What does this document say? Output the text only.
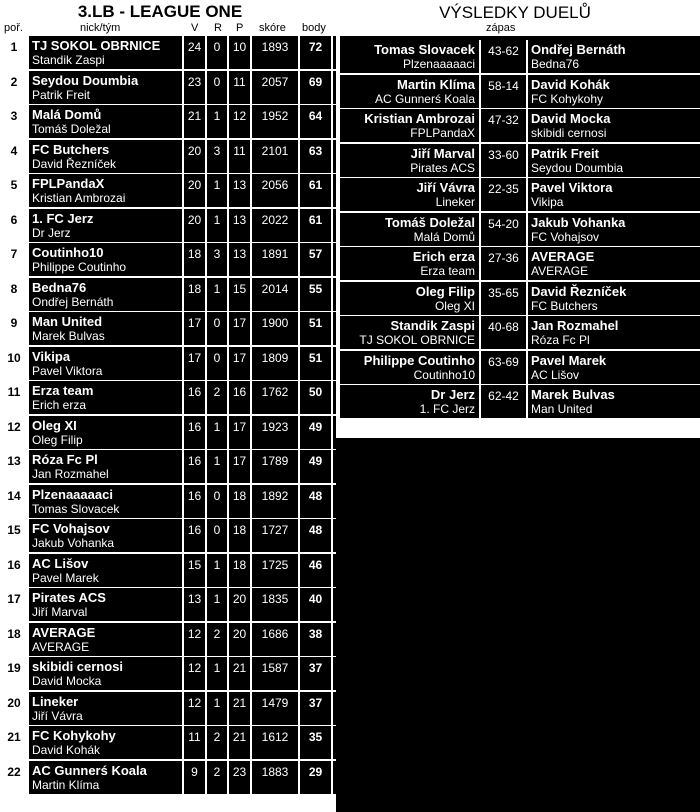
3.LB - LEAGUE ONE	VÝSLEDKY DUELŮ
poř.	nick/tým	V R P skóre body	zápas
1	TJ SOKOL OBRNICE
Standik Zaspi
24	0	10	1893	72
2	Seydou Doumbia
Patrik Freit
23	0	11	2057	69
3	Malá Domů
Tomáš Doležal
21	1	12	1952	64
4	FC Butchers
David Řezníček
20	3	11	2101	63
5	FPLPandaX
Kristian Ambrozai
20	1	13	2056	61
6	1. FC Jerz
Dr Jerz
20	1	13	2022	61
7	Coutinho10
Philippe Coutinho
18	3	13	1891	57
8	Bedna76
Ondřej Bernáth
18	1	15	2014	55
9	Man United
Marek Bulvas
17	0	17	1900	51
10 Vikipa
Pavel Viktora
17	0	17	1809	51
11 Erza team
Erich erza
16	2	16	1762	50
12 Oleg XI
Oleg Filip
16	1	17	1923	49
13 Róza Fc Pl
Jan Rozmahel
16	1	17	1789	49
14 Plzenaaaaaci
Tomas Slovacek
16	0	18	1892	48
15 FC Vohajsov
Jakub Vohanka
16	0	18	1727	48
16 AC Lišov
Pavel Marek
15	1	18	1725	46
17 Pirates ACS
Jiří Marval
13	1	20	1835	40
18 AVERAGE
AVERAGE
12	2	20	1686	38
19 skibidi cernosi
David Mocka
12	1	21	1587	37
20 Lineker
Jiří Vávra
12	1	21	1479	37
21 FC Kohykohy
David Kohák
11	2	21	1612	35
22 AC Gunnerś Koala
Martin Klíma
9	2	23	1883	29
Tomas Slovacek
Plzenaaaaaci
43-62 Ondřej Bernáth
Bedna76
Martin Klíma
AC Gunnerś Koala
58-14 David Kohák
FC Kohykohy
Kristian Ambrozai
FPLPandaX
47-32 David Mocka
skibidi cernosi
Jiří Marval
Pirates ACS
33-60 Patrik Freit
Seydou Doumbia
Jiří Vávra
Lineker
22-35 Pavel Viktora
Vikipa
Tomáš Doležal
Malá Domů
54-20 Jakub Vohanka
FC Vohajsov
Erich erza
Erza team
27-36 AVERAGE
AVERAGE
Oleg Filip
Oleg XI
35-65 David Řezníček
FC Butchers
Standik Zaspi
TJ SOKOL OBRNICE
40-68 Jan Rozmahel
Róza Fc Pl
Philippe Coutinho
Coutinho10
63-69 Pavel Marek
AC Lišov
Dr Jerz
1. FC Jerz
62-42 Marek Bulvas
Man United
